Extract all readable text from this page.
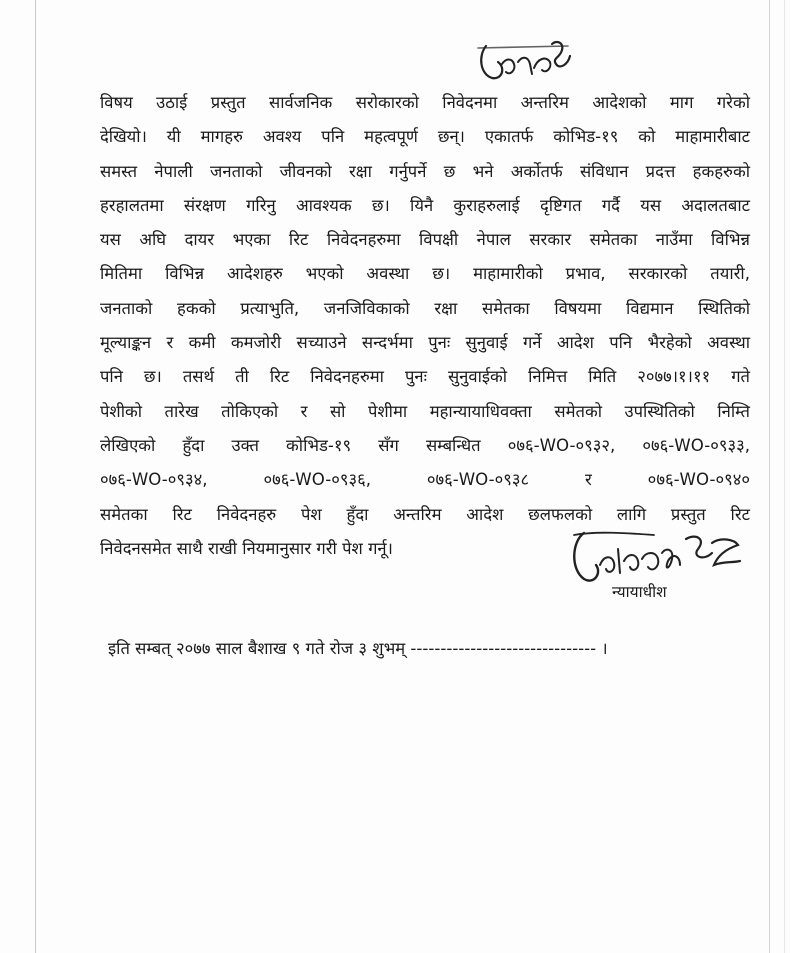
विषय उठाई प्रस्तुत सार्वजनिक सरोकारको निवेदनमा अन्तरिम आदेशको माग गरेको
देखियो। यी मागहरु अवश्य पनि महत्वपूर्ण छन्। एकातर्फ कोभिड-१९ को माहामारीबाट
समस्त नेपाली जनताको जीवनको रक्षा गर्नुपर्ने छ भने अर्कोतर्फ संविधान प्रदत्त हकहरुको
हरहालतमा संरक्षण गरिनु आवश्यक छ। यिनै कुराहरुलाई दृष्टिगत गर्दै यस अदालतबाट
यस अघि दायर भएका रिट निवेदनहरुमा विपक्षी नेपाल सरकार समेतका नाउँमा विभिन्न
मितिमा विभिन्न आदेशहरु भएको अवस्था छ। माहामारीको प्रभाव, सरकारको तयारी,
जनताको हकको प्रत्याभुति, जनजिविकाको रक्षा समेतका विषयमा विद्यमान स्थितिको
मूल्याङ्कन र कमी कमजोरी सच्याउने सन्दर्भमा पुनः सुनुवाई गर्ने आदेश पनि भैरहेको अवस्था
पनि छ। तसर्थ ती रिट निवेदनहरुमा पुनः सुनुवाईको निमित्त मिति २०७७।१।११ गते
पेशीको तारेख तोकिएको र सो पेशीमा महान्यायाधिवक्ता समेतको उपस्थितिको निम्ति
लेखिएको हुँदा उक्त कोभिड-१९ सँग सम्बन्धित ०७६-WO-०९३२, ०७६-WO-०९३३,
०७६-WO-०९३४, ०७६-WO-०९३६, ०७६-WO-०९३८ र ०७६-WO-०९४०
समेतका रिट निवेदनहरु पेश हुँदा अन्तरिम आदेश छलफलको लागि प्रस्तुत रिट
निवेदनसमेत साथै राखी नियमानुसार गरी पेश गर्नू।
न्यायाधीश
इति सम्बत् २०७७ साल बैशाख ९ गते रोज ३ शुभम् ------------------------------- ।
